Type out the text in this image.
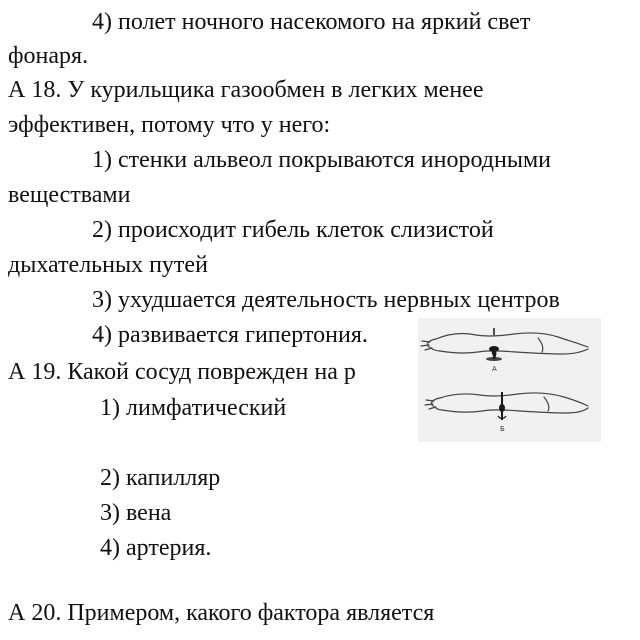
4) полет ночного насекомого на яркий свет
фонаря.
А 18. У курильщика газообмен в легких менее
эффективен, потому что у него:
1) стенки альвеол покрываются инородными
веществами
2) происходит гибель клеток слизистой
дыхательных путей
3) ухудшается деятельность нервных центров
4) развивается гипертония.
А 19. Какой сосуд поврежден на р
1) лимфатический
2) капилляр
3) вена
4) артерия.
А 20. Примером, какого фактора является
А
Б
